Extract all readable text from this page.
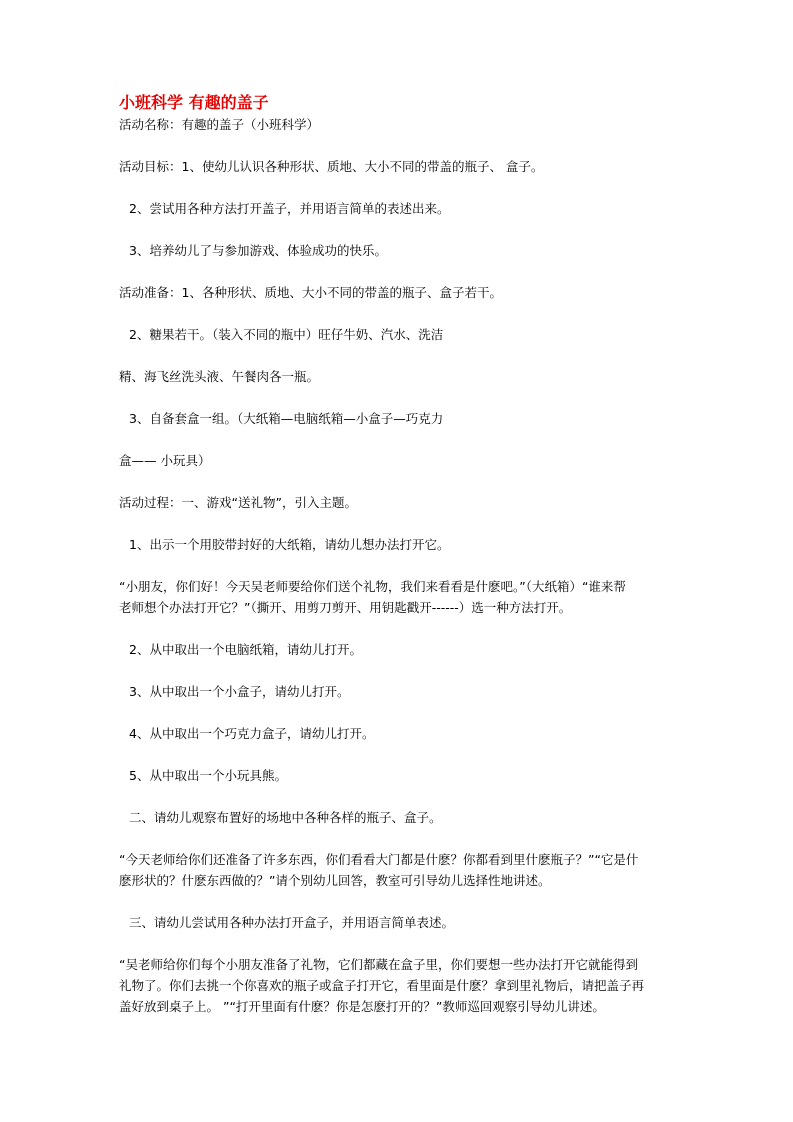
小班科学 有趣的盖子

活动名称：有趣的盖子（小班科学）

活动目标：1、使幼儿认识各种形状、质地、大小不同的带盖的瓶子、 盒子。

2、尝试用各种方法打开盖子，并用语言简单的表述出来。

3、培养幼儿了与参加游戏、体验成功的快乐。

活动准备：1、各种形状、质地、大小不同的带盖的瓶子、盒子若干。

2、糖果若干。（装入不同的瓶中）旺仔牛奶、汽水、洗洁

精、海飞丝洗头液、午餐肉各一瓶。

3、自备套盒一组。（大纸箱—电脑纸箱—小盒子—巧克力

盒—— 小玩具）

活动过程：一、游戏“送礼物”，引入主题。

1、出示一个用胶带封好的大纸箱，请幼儿想办法打开它。

“小朋友，你们好！今天吴老师要给你们送个礼物，我们来看看是什麽吧。”（大纸箱）“谁来帮

老师想个办法打开它？”（撕开、用剪刀剪开、用钥匙戳开------）选一种方法打开。

2、从中取出一个电脑纸箱，请幼儿打开。

3、从中取出一个小盒子，请幼儿打开。

4、从中取出一个巧克力盒子，请幼儿打开。

5、从中取出一个小玩具熊。

二、请幼儿观察布置好的场地中各种各样的瓶子、盒子。

“今天老师给你们还准备了许多东西，你们看看大门都是什麽？你都看到里什麽瓶子？”“它是什

麽形状的？什麽东西做的？”请个别幼儿回答，教室可引导幼儿选择性地讲述。

三、请幼儿尝试用各种办法打开盒子，并用语言简单表述。

“吴老师给你们每个小朋友准备了礼物，它们都藏在盒子里，你们要想一些办法打开它就能得到

礼物了。你们去挑一个你喜欢的瓶子或盒子打开它，看里面是什麽？拿到里礼物后，请把盖子再

盖好放到桌子上。 ”“打开里面有什麽？你是怎麽打开的？”教师巡回观察引导幼儿讲述。
